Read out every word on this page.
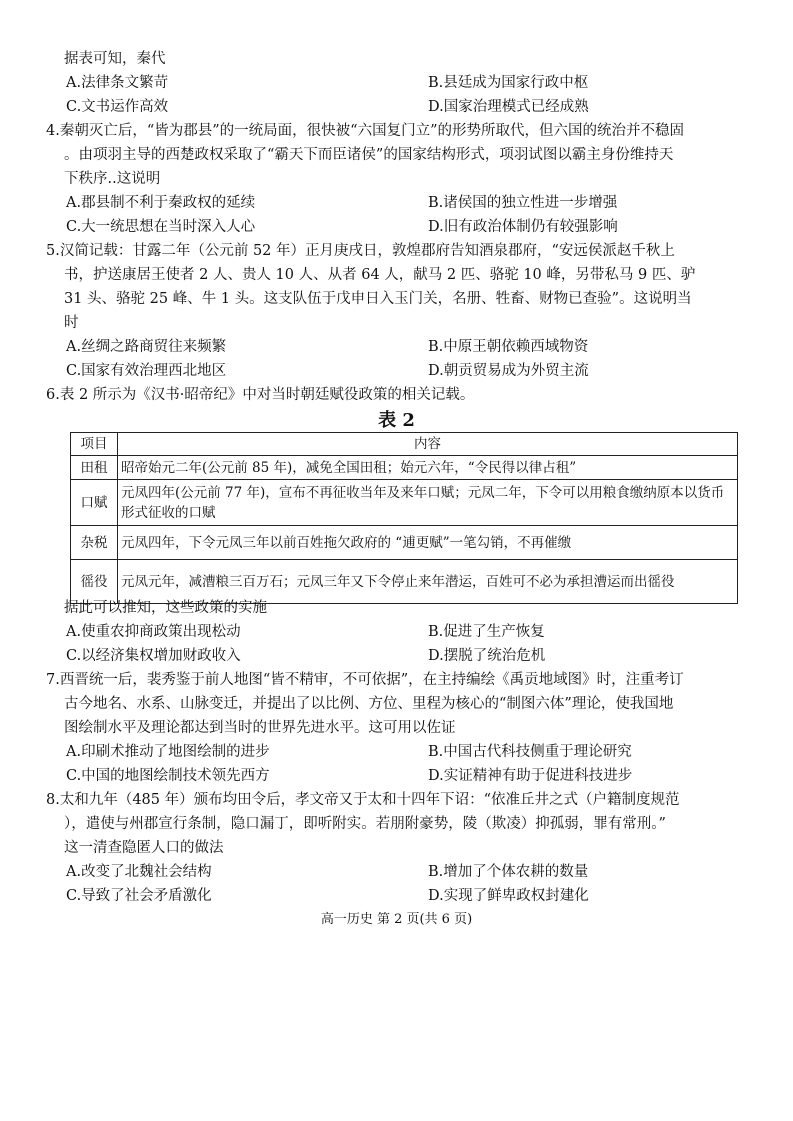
据表可知，秦代
A.法律条文繁苛	B.县廷成为国家行政中枢
C.文书运作高效	D.国家治理模式已经成熟
4.秦朝灭亡后，“皆为郡县”的一统局面，很快被“六国复门立”的形势所取代，但六国的统治并不稳固
。由项羽主导的西楚政权采取了“霸天下而臣诸侯”的国家结构形式，项羽试图以霸主身份维持天
下秩序..这说明
A.郡县制不利于秦政权的延续	B.诸侯国的独立性进一步增强
C.大一统思想在当时深入人心	D.旧有政治体制仍有较强影响
5.汉简记载：甘露二年（公元前 52 年）正月庚戌日，敦煌郡府告知酒泉郡府，“安远侯派赵千秋上
书，护送康居王使者 2 人、贵人 10 人、从者 64 人，献马 2 匹、骆驼 10 峰，另带私马 9 匹、驴
31 头、骆驼 25 峰、牛 1 头。这支队伍于戊申日入玉门关，名册、牲畜、财物已查验”。这说明当
时
A.丝绸之路商贸往来频繁	B.中原王朝依赖西域物资
C.国家有效治理西北地区	D.朝贡贸易成为外贸主流
6.表 2 所示为《汉书·昭帝纪》中对当时朝廷赋役政策的相关记载。
表 2
项目	内容
田租	昭帝始元二年(公元前 85 年)，减免全国田租；始元六年，“令民得以律占租”
口赋	元凤四年(公元前 77 年)，宣布不再征收当年及来年口赋；元凤二年，下令可以用粮食缴纳原本以货币形式征收的口赋
杂税	元凤四年，下令元凤三年以前百姓拖欠政府的 “逋更赋”一笔勾销，不再催缴
徭役	元凤元年，减漕粮三百万石；元凤三年又下令停止来年潜运，百姓可不必为承担漕运而出徭役
据此可以推知，这些政策的实施
A.使重农抑商政策出现松动	B.促进了生产恢复
C.以经济集权增加财政收入	D.摆脱了统治危机
7.西晋统一后，裴秀鉴于前人地图“皆不精审，不可依据”，在主持编绘《禹贡地域图》时，注重考订
古今地名、水系、山脉变迁，并提出了以比例、方位、里程为核心的“制图六体”理论，使我国地
图绘制水平及理论都达到当时的世界先进水平。这可用以佐证
A.印刷术推动了地图绘制的进步	B.中国古代科技侧重于理论研究
C.中国的地图绘制技术领先西方	D.实证精神有助于促进科技进步
8.太和九年（485 年）颁布均田令后，孝文帝又于太和十四年下诏：“依准丘井之式（户籍制度规范
），遣使与州郡宣行条制，隐口漏丁，即听附实。若朋附豪势，陵（欺凌）抑孤弱，罪有常刑。”
这一清查隐匿人口的做法
A.改变了北魏社会结构	B.增加了个体农耕的数量
C.导致了社会矛盾激化	D.实现了鲜卑政权封建化
高一历史 第 2 页(共 6 页)
